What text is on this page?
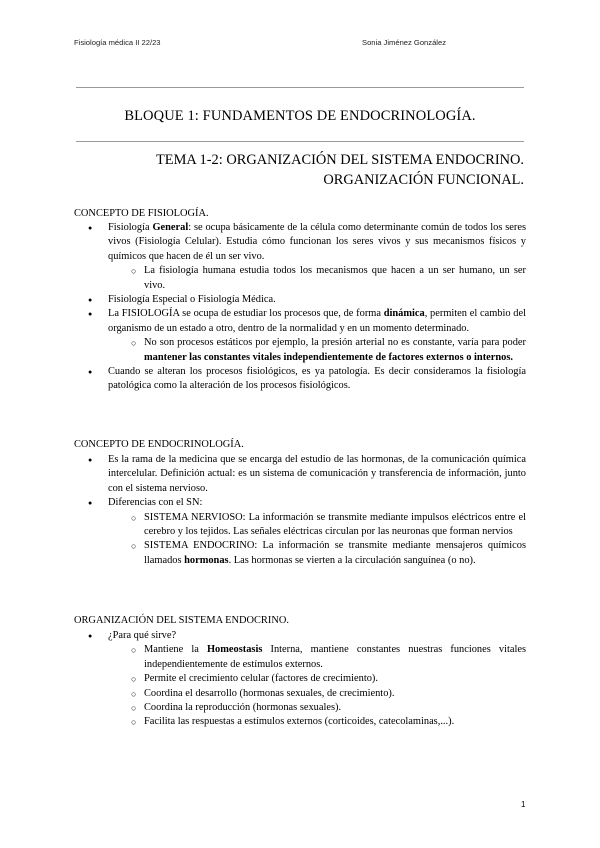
Fisiología médica II 22/23	Sonia Jiménez González
BLOQUE 1: FUNDAMENTOS DE ENDOCRINOLOGÍA.
TEMA 1-2: ORGANIZACIÓN DEL SISTEMA ENDOCRINO.
ORGANIZACIÓN FUNCIONAL.
CONCEPTO DE FISIOLOGÍA.
● Fisiología General: se ocupa básicamente de la célula como determinante común de todos los seres vivos (Fisiología Celular). Estudia cómo funcionan los seres vivos y sus mecanismos físicos y químicos que hacen de él un ser vivo.
○ La fisiología humana estudia todos los mecanismos que hacen a un ser humano, un ser vivo.
● Fisiología Especial o Fisiología Médica.
● La FISIOLOGÍA se ocupa de estudiar los procesos que, de forma dinámica, permiten el cambio del organismo de un estado a otro, dentro de la normalidad y en un momento determinado.
○ No son procesos estáticos por ejemplo, la presión arterial no es constante, varía para poder mantener las constantes vitales independientemente de factores externos o internos.
● Cuando se alteran los procesos fisiológicos, es ya patología. Es decir consideramos la fisiología patológica como la alteración de los procesos fisiológicos.
CONCEPTO DE ENDOCRINOLOGÍA.
● Es la rama de la medicina que se encarga del estudio de las hormonas, de la comunicación química intercelular. Definición actual: es un sistema de comunicación y transferencia de información, junto con el sistema nervioso.
● Diferencias con el SN:
○ SISTEMA NERVIOSO: La información se transmite mediante impulsos eléctricos entre el cerebro y los tejidos. Las señales eléctricas circulan por las neuronas que forman nervios
○ SISTEMA ENDOCRINO: La información se transmite mediante mensajeros químicos llamados hormonas. Las hormonas se vierten a la circulación sanguínea (o no).
ORGANIZACIÓN DEL SISTEMA ENDOCRINO.
● ¿Para qué sirve?
○ Mantiene la Homeostasis Interna, mantiene constantes nuestras funciones vitales independientemente de estímulos externos.
○ Permite el crecimiento celular (factores de crecimiento).
○ Coordina el desarrollo (hormonas sexuales, de crecimiento).
○ Coordina la reproducción (hormonas sexuales).
○ Facilita las respuestas a estímulos externos (corticoides, catecolaminas,...).
1
